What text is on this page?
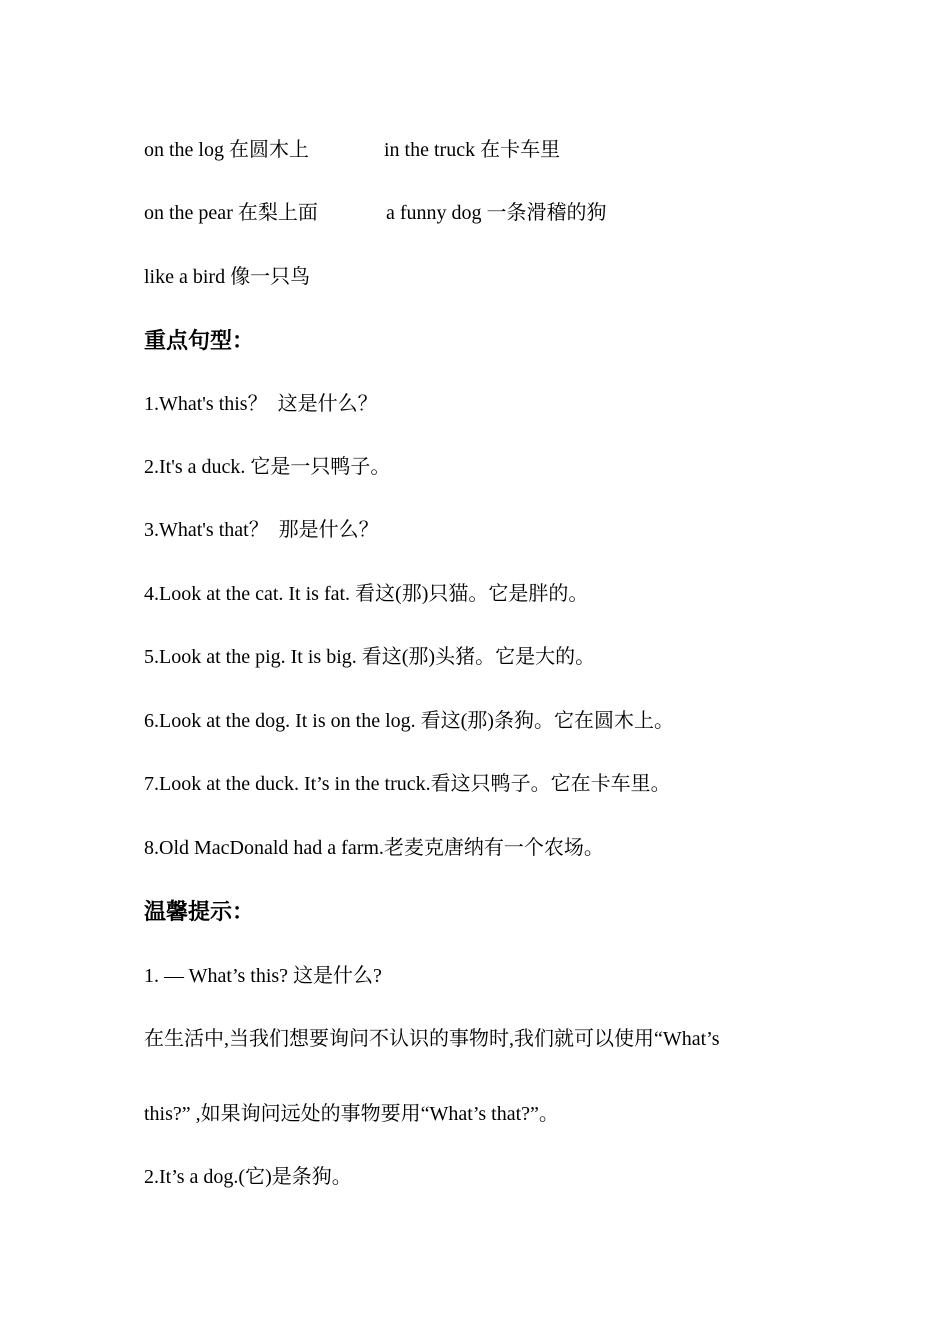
on the log 在圆木上	in the truck 在卡车里
on the pear 在梨上面	a funny dog 一条滑稽的狗
like a bird 像一只鸟
重点句型：
1.What's this？  这是什么？
2.It's a duck. 它是一只鸭子。
3.What's that？  那是什么？
4.Look at the cat. It is fat. 看这(那)只猫。它是胖的。
5.Look at the pig. It is big. 看这(那)头猪。它是大的。
6.Look at the dog. It is on the log. 看这(那)条狗。它在圆木上。
7.Look at the duck. It’s in the truck.看这只鸭子。它在卡车里。
8.Old MacDonald had a farm.老麦克唐纳有一个农场。
温馨提示：
1. — What’s this? 这是什么?
在生活中,当我们想要询问不认识的事物时,我们就可以使用“What’s
this?” ,如果询问远处的事物要用“What’s that?”。
2.It’s a dog.(它)是条狗。
